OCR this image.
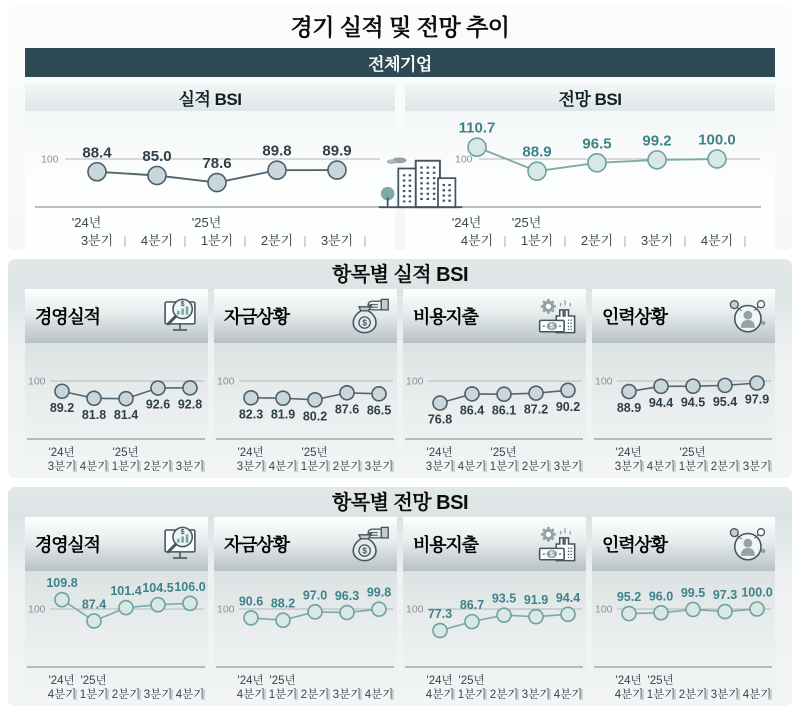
경기 실적 및 전망 추이
전체기업
실적 BSI
100 88.4 85.0 78.6
89.8 89.9
'24년
3분기 4분기
'25년
1분기 2분기 3분기
전망 BSI
100
110.7
88.9 96.5 99.2 100.0
'24년
4분기
'25년
1분기 2분기 3분기 4분기
항목별 실적 BSI
경영실적
$
100
89.2
81.8 81.4
92.6 92.8
'24년
3분기 4분기
'25년
1분기 2분기 3분기
자금상황	$
100
82.3 81.9 80.2
87.6 86.5
'24년
3분기 4분기
'25년
1분기 2분기 3분기
비용지출	$
100
76.8
86.4 86.1 87.2 90.2
'24년
3분기 4분기
'25년
1분기 2분기 3분기
인력상황
100
88.9 94.4 94.5 95.4 97.9
'24년
3분기 4분기
'25년
1분기 2분기 3분기
항목별 전망 BSI
경영실적
$
100
109.8
87.4
101.4 104.5 106.0
'24년
4분기
'25년
1분기 2분기 3분기 4분기
자금상황	$
100
90.6 88.2
97.0 96.3 99.8
'24년
4분기
'25년
1분기 2분기 3분기 4분기
비용지출	$
100 77.3
86.7 93.5 91.9 94.4
'24년
4분기
'25년
1분기 2분기 3분기 4분기
인력상황
100
95.2 96.0 99.5 97.3 100.0
'24년
4분기
'25년
1분기 2분기 3분기 4분기
